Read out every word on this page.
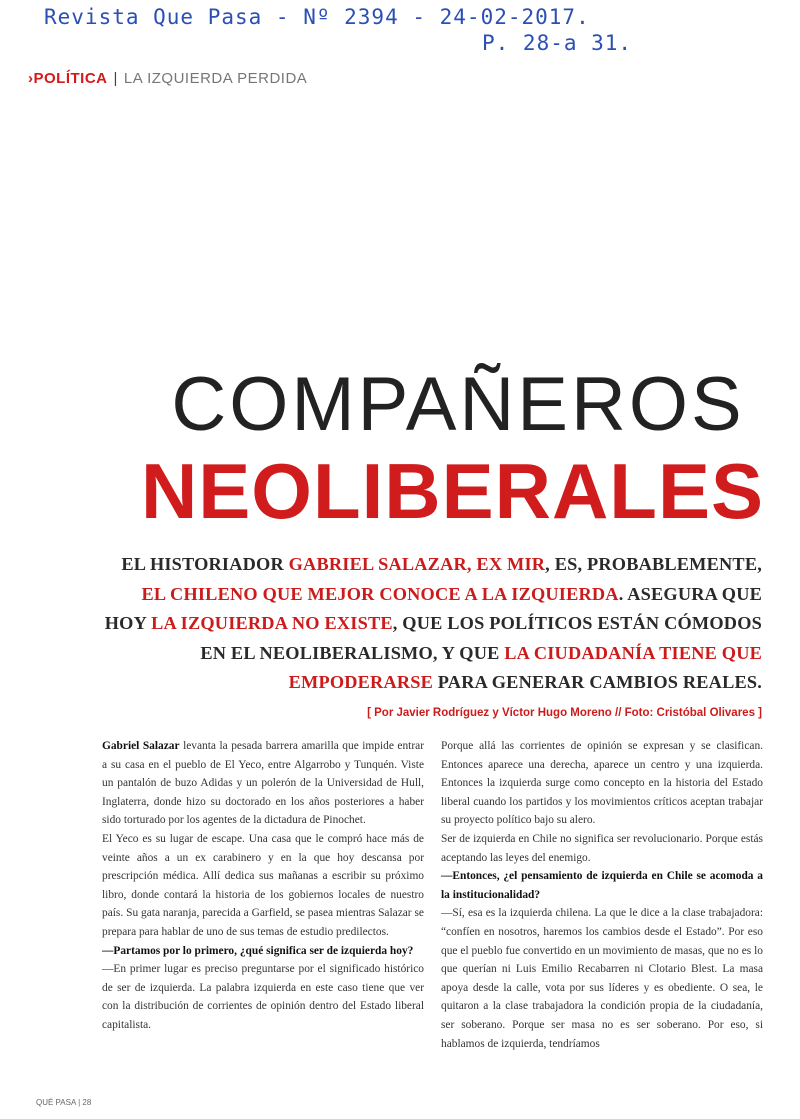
Revista Que Pasa - Nº 2394 - 24-02-2017.
P. 28-a 31.
›POLÍTICA | LA IZQUIERDA PERDIDA
COMPAÑEROS
NEOLIBERALES
EL HISTORIADOR GABRIEL SALAZAR, EX MIR, ES, PROBABLEMENTE, EL CHILENO QUE MEJOR CONOCE A LA IZQUIERDA. ASEGURA QUE HOY LA IZQUIERDA NO EXISTE, QUE LOS POLÍTICOS ESTÁN CÓMODOS EN EL NEOLIBERALISMO, Y QUE LA CIUDADANÍA TIENE QUE EMPODERARSE PARA GENERAR CAMBIOS REALES.
[ Por Javier Rodríguez y Víctor Hugo Moreno // Foto: Cristóbal Olivares ]

Gabriel Salazar levanta la pesada barrera amarilla que impide entrar a su casa en el pueblo de El Yeco, entre Algarrobo y Tunquén. Viste un pantalón de buzo Adidas y un polerón de la Universidad de Hull, Inglaterra, donde hizo su doctorado en los años posteriores a haber sido torturado por los agentes de la dictadura de Pinochet.

El Yeco es su lugar de escape. Una casa que le compró hace más de veinte años a un ex carabinero y en la que hoy descansa por prescripción médica. Allí dedica sus mañanas a escribir su próximo libro, donde contará la historia de los gobiernos locales de nuestro país. Su gata naranja, parecida a Garfield, se pasea mientras Salazar se prepara para hablar de uno de sus temas de estudio predilectos.

—Partamos por lo primero, ¿qué significa ser de izquierda hoy?

—En primer lugar es preciso preguntarse por el significado histórico de ser de izquierda. La palabra izquierda en este caso tiene que ver con la distribución de corrientes de opinión dentro del Estado liberal capitalista.

Porque allá las corrientes de opinión se expresan y se clasifican. Entonces aparece una derecha, aparece un centro y una izquierda. Entonces la izquierda surge como concepto en la historia del Estado liberal cuando los partidos y los movimientos críticos aceptan trabajar su proyecto político bajo su alero.

Ser de izquierda en Chile no significa ser revolucionario. Porque estás aceptando las leyes del enemigo.

—Entonces, ¿el pensamiento de izquierda en Chile se acomoda a la institucionalidad?

—Sí, esa es la izquierda chilena. La que le dice a la clase trabajadora: “confíen en nosotros, haremos los cambios desde el Estado”. Por eso que el pueblo fue convertido en un movimiento de masas, que no es lo que querían ni Luis Emilio Recabarren ni Clotario Blest. La masa apoya desde la calle, vota por sus líderes y es obediente. O sea, le quitaron a la clase trabajadora la condición propia de la ciudadanía, ser soberano. Porque ser masa no es ser soberano. Por eso, si hablamos de izquierda, tendríamos

QUÉ PASA | 28
